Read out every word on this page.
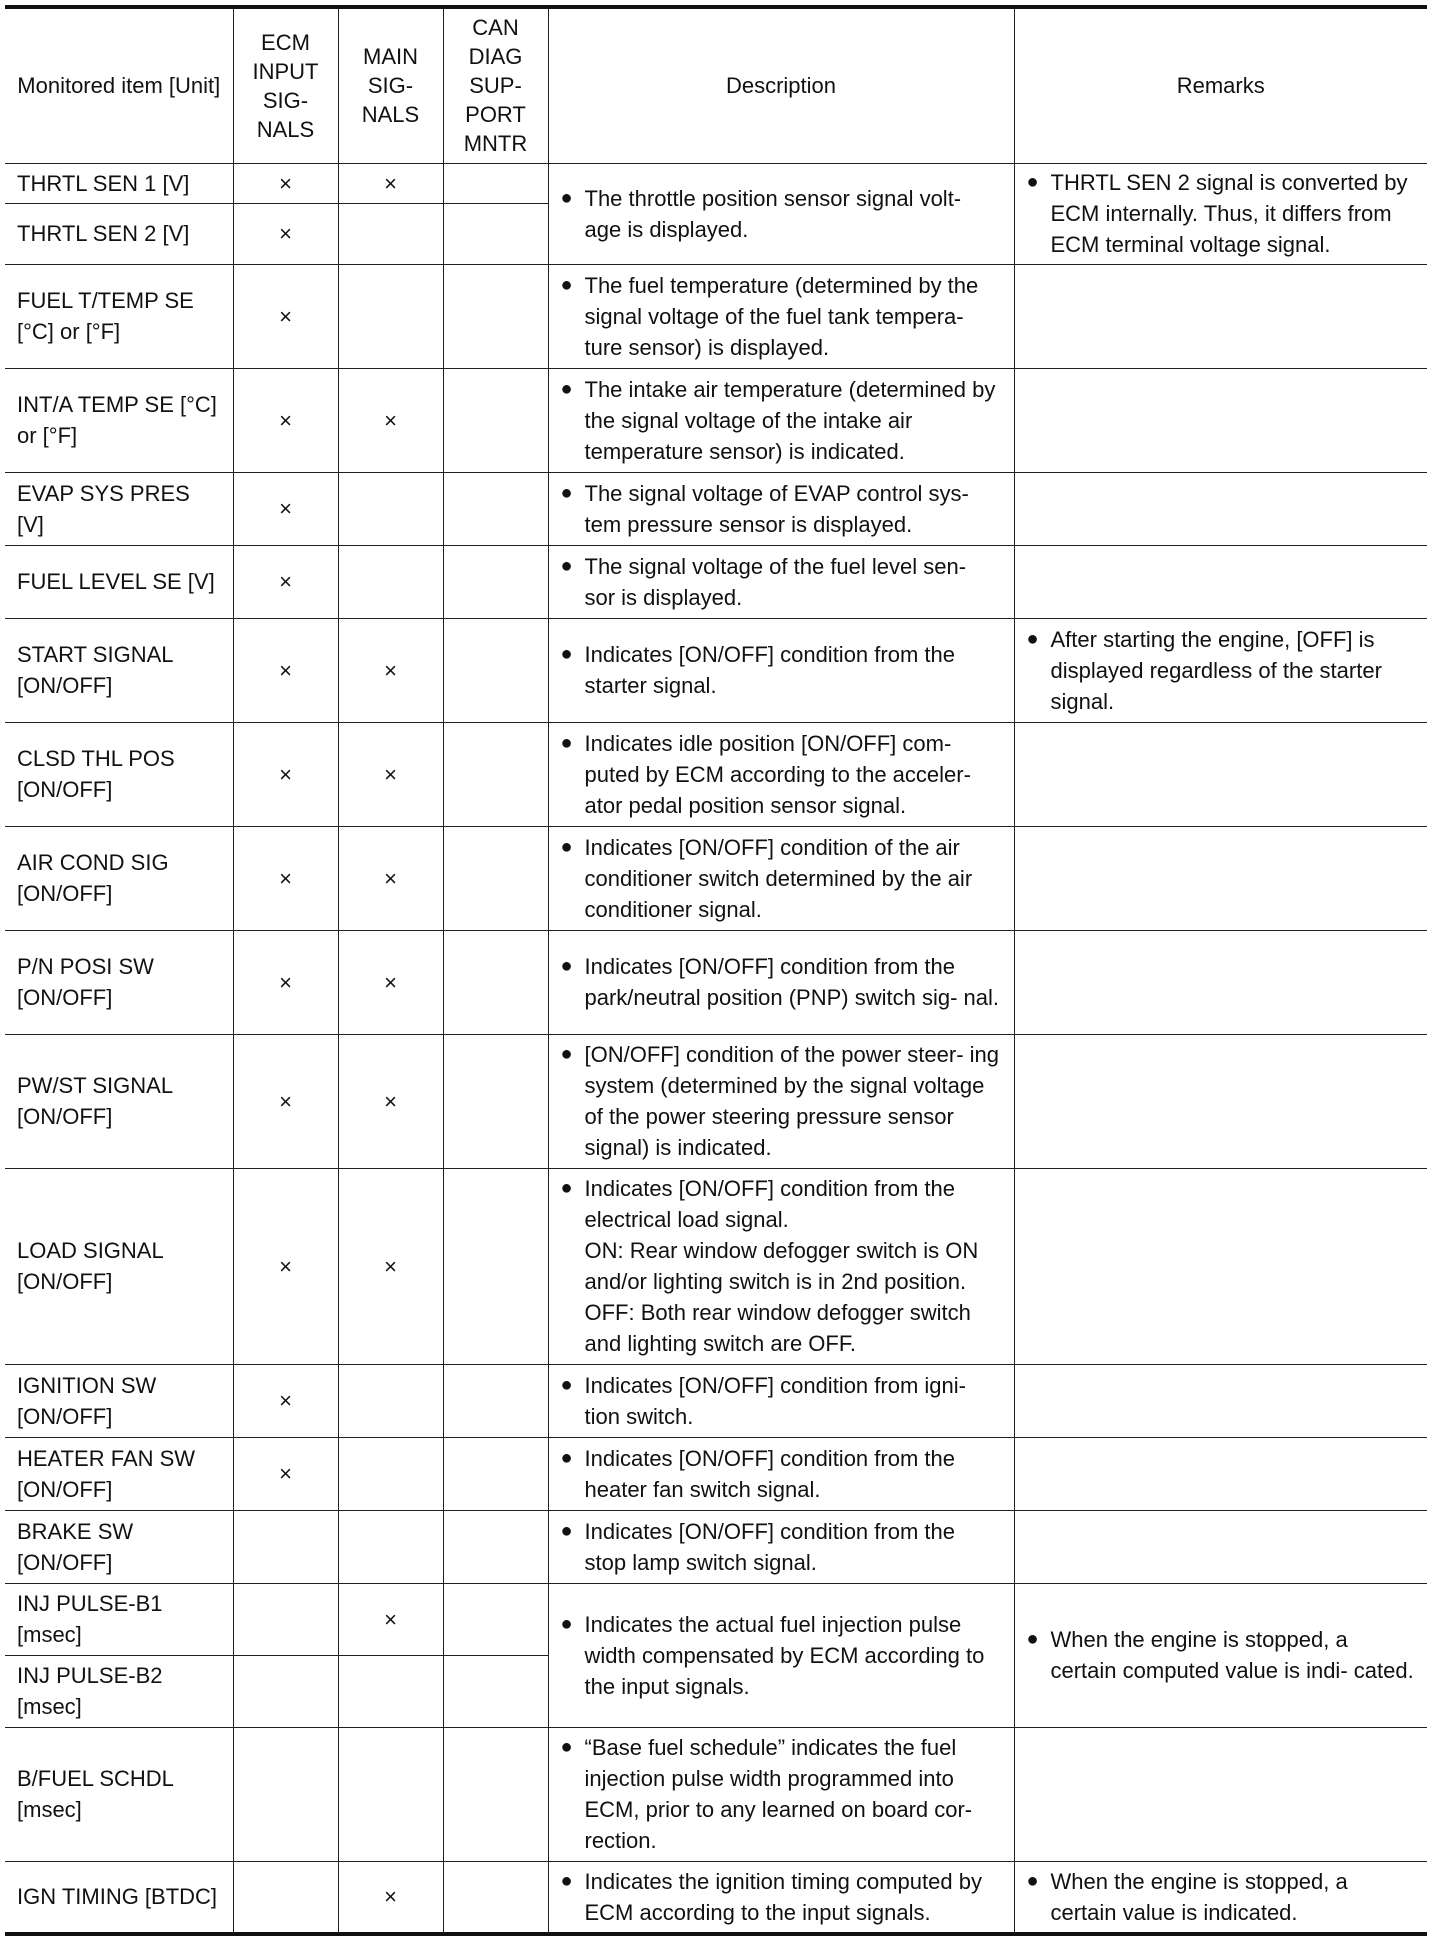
Monitored item [Unit]	ECM INPUT SIG- NALS	MAIN SIG- NALS	CAN DIAG SUP- PORT MNTR	Description	Remarks
THRTL SEN 1 [V]	×	×		● The throttle position sensor signal volt- age is displayed.	● THRTL SEN 2 signal is converted by ECM internally. Thus, it differs from ECM terminal voltage signal.

THRTL SEN 2 [V]	×				
FUEL T/TEMP SE [°C] or [°F]	×			● The fuel temperature (determined by the signal voltage of the fuel tank tempera- ture sensor) is displayed.	

INT/A TEMP SE [°C] or [°F]	×	×		● The intake air temperature (determined by the signal voltage of the intake air temperature sensor) is indicated.	

EVAP SYS PRES [V]	×			● The signal voltage of EVAP control sys- tem pressure sensor is displayed.	

FUEL LEVEL SE [V]	×			● The signal voltage of the fuel level sen- sor is displayed.	

START SIGNAL [ON/OFF]	×	×		● Indicates [ON/OFF] condition from the starter signal.	● After starting the engine, [OFF] is displayed regardless of the starter signal.

CLSD THL POS [ON/OFF]	×	×		● Indicates idle position [ON/OFF] com- puted by ECM according to the acceler- ator pedal position sensor signal.	

AIR COND SIG [ON/OFF]	×	×		● Indicates [ON/OFF] condition of the air conditioner switch determined by the air conditioner signal.	

P/N POSI SW [ON/OFF]	×	×		● Indicates [ON/OFF] condition from the park/neutral position (PNP) switch sig- nal.	

PW/ST SIGNAL [ON/OFF]	×	×		● [ON/OFF] condition of the power steer- ing system (determined by the signal voltage of the power steering pressure sensor signal) is indicated.	

LOAD SIGNAL [ON/OFF]	×	×		● Indicates [ON/OFF] condition from the electrical load signal.
ON: Rear window defogger switch is ON and/or lighting switch is in 2nd position.
OFF: Both rear window defogger switch and lighting switch are OFF.	

IGNITION SW [ON/OFF]	×			● Indicates [ON/OFF] condition from igni- tion switch.	

HEATER FAN SW [ON/OFF]	×			● Indicates [ON/OFF] condition from the heater fan switch signal.	

BRAKE SW [ON/OFF]				● Indicates [ON/OFF] condition from the stop lamp switch signal.	

INJ PULSE-B1 [msec]		×		● Indicates the actual fuel injection pulse width compensated by ECM according to the input signals.	● When the engine is stopped, a certain computed value is indi- cated.

INJ PULSE-B2 [msec]					
B/FUEL SCHDL [msec]				● “Base fuel schedule” indicates the fuel injection pulse width programmed into ECM, prior to any learned on board cor- rection.	

IGN TIMING [BTDC]		×		● Indicates the ignition timing computed by ECM according to the input signals.	● When the engine is stopped, a certain value is indicated.
